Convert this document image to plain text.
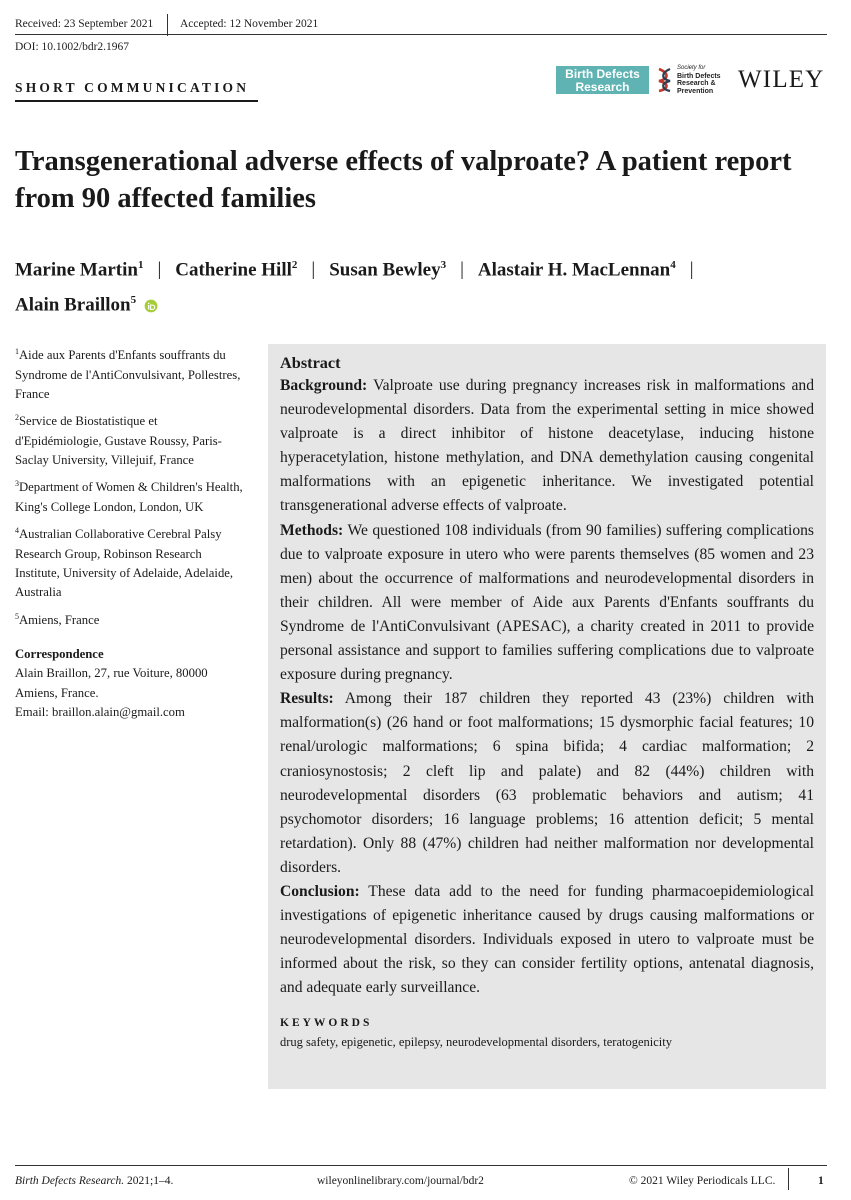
Received: 23 September 2021 Accepted: 12 November 2021
DOI: 10.1002/bdr2.1967
SHORT COMMUNICATION
Birth Defects
Research
Society for
Birth Defects
Research &
Prevention WILEY
Transgenerational adverse effects of valproate? A patient report from 90 affected families
Marine Martin$^1$ | Catherine Hill$^2$ | Susan Bewley$^3$ | Alastair H. MacLennan$^4$ |
Alain Braillon$^5$
$^1$Aide aux Parents d'Enfants souffrants du Syndrome de l'AntiConvulsivant, Pollestres, France
$^2$Service de Biostatistique et d'Epidémiologie, Gustave Roussy, Paris-Saclay University, Villejuif, France
$^3$Department of Women & Children's Health, King's College London, London, UK
$^4$Australian Collaborative Cerebral Palsy Research Group, Robinson Research Institute, University of Adelaide, Adelaide, Australia
$^5$Amiens, France
Correspondence
Alain Braillon, 27, rue Voiture, 80000
Amiens, France.
Email: braillon.alain@gmail.com
Abstract
Background: Valproate use during pregnancy increases risk in malformations and neurodevelopmental disorders. Data from the experimental setting in mice showed valproate is a direct inhibitor of histone deacetylase, inducing histone hyperacetylation, histone methylation, and DNA demethylation causing congenital malformations with an epigenetic inheritance. We investigated potential transgenerational adverse effects of valproate.
Methods: We questioned 108 individuals (from 90 families) suffering complications due to valproate exposure in utero who were parents themselves (85 women and 23 men) about the occurrence of malformations and neurodevelopmental disorders in their children. All were member of Aide aux Parents d'Enfants souffrants du Syndrome de l'AntiConvulsivant (APESAC), a charity created in 2011 to provide personal assistance and support to families suffering complications due to valproate exposure during pregnancy.
Results: Among their 187 children they reported 43 (23%) children with malformation(s) (26 hand or foot malformations; 15 dysmorphic facial features; 10 renal/urologic malformations; 6 spina bifida; 4 cardiac malformation; 2 craniosynostosis; 2 cleft lip and palate) and 82 (44%) children with neurodevelopmental disorders (63 problematic behaviors and autism; 41 psychomotor disorders; 16 language problems; 16 attention deficit; 5 mental retardation). Only 88 (47%) children had neither malformation nor developmental disorders.
Conclusion: These data add to the need for funding pharmacoepidemiological investigations of epigenetic inheritance caused by drugs causing malformations or neurodevelopmental disorders. Individuals exposed in utero to valproate must be informed about the risk, so they can consider fertility options, antenatal diagnosis, and adequate early surveillance.
KEYWORDS
drug safety, epigenetic, epilepsy, neurodevelopmental disorders, teratogenicity
Birth Defects Research. 2021;1–4.	wileyonlinelibrary.com/journal/bdr2	© 2021 Wiley Periodicals LLC.	1
